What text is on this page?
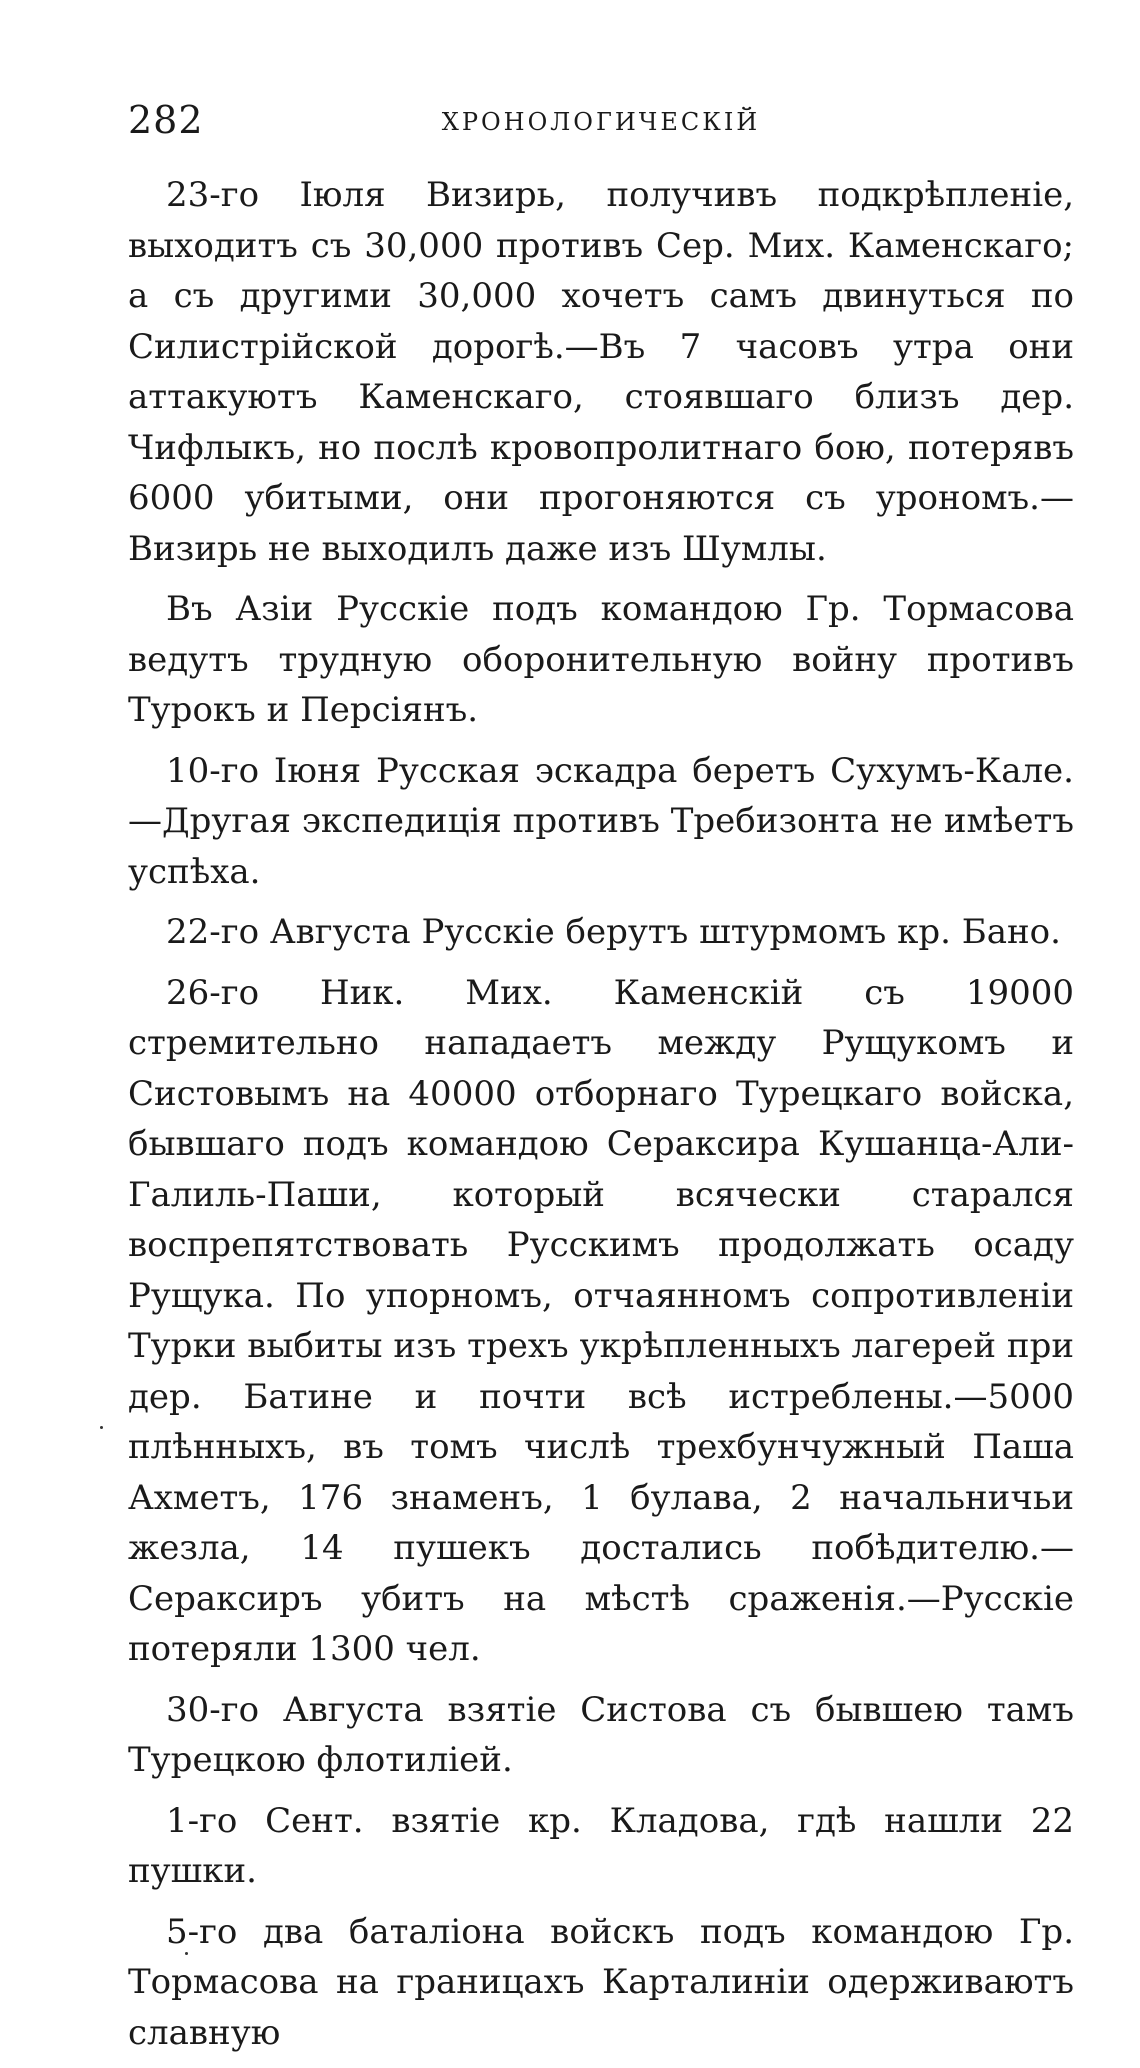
282	ХРОНОЛОГИЧЕСКІЙ

23-го Іюля Визирь, получивъ подкрѣпленіе, выходитъ съ 30,000 противъ Сер. Мих. Каменскаго; а съ другими 30,000 хочетъ самъ двинуться по Силистрійской дорогѣ.—Въ 7 часовъ утра они аттакуютъ Каменскаго, стоявшаго близъ дер. Чифлыкъ, но послѣ кровопролитнаго бою, потерявъ 6000 убитыми, они прогоняются съ урономъ.—Визирь не выходилъ даже изъ Шумлы.

Въ Азіи Русскіе подъ командою Гр. Тормасова ведутъ трудную оборонительную войну противъ Турокъ и Персіянъ.

10-го Іюня Русская эскадра беретъ Сухумъ-Кале.—Другая экспедиція противъ Требизонта не имѣетъ успѣха.

22-го Августа Русскіе берутъ штурмомъ кр. Бано.

26-го Ник. Мих. Каменскій съ 19000 стремительно нападаетъ между Рущукомъ и Систовымъ на 40000 отборнаго Турецкаго войска, бывшаго подъ командою Сераксира Кушанца-Али-Галиль-Паши, который всячески старался воспрепятствовать Русскимъ продолжать осаду Рущука. По упорномъ, отчаянномъ сопротивленіи Турки выбиты изъ трехъ укрѣпленныхъ лагерей при дер. Батине и почти всѣ истреблены.—5000 плѣнныхъ, въ томъ числѣ трехбунчужный Паша Ахметъ, 176 знаменъ, 1 булава, 2 начальничьи жезла, 14 пушекъ достались побѣдителю.—Сераксиръ убитъ на мѣстѣ сраженія.—Русскіе потеряли 1300 чел.

30-го Августа взятіе Систова съ бывшею тамъ Турецкою флотиліей.

1-го Сент. взятіе кр. Кладова, гдѣ нашли 22 пушки.

5-го два баталіона войскъ подъ командою Гр. Тормасова на границахъ Карталиніи одерживаютъ славную
